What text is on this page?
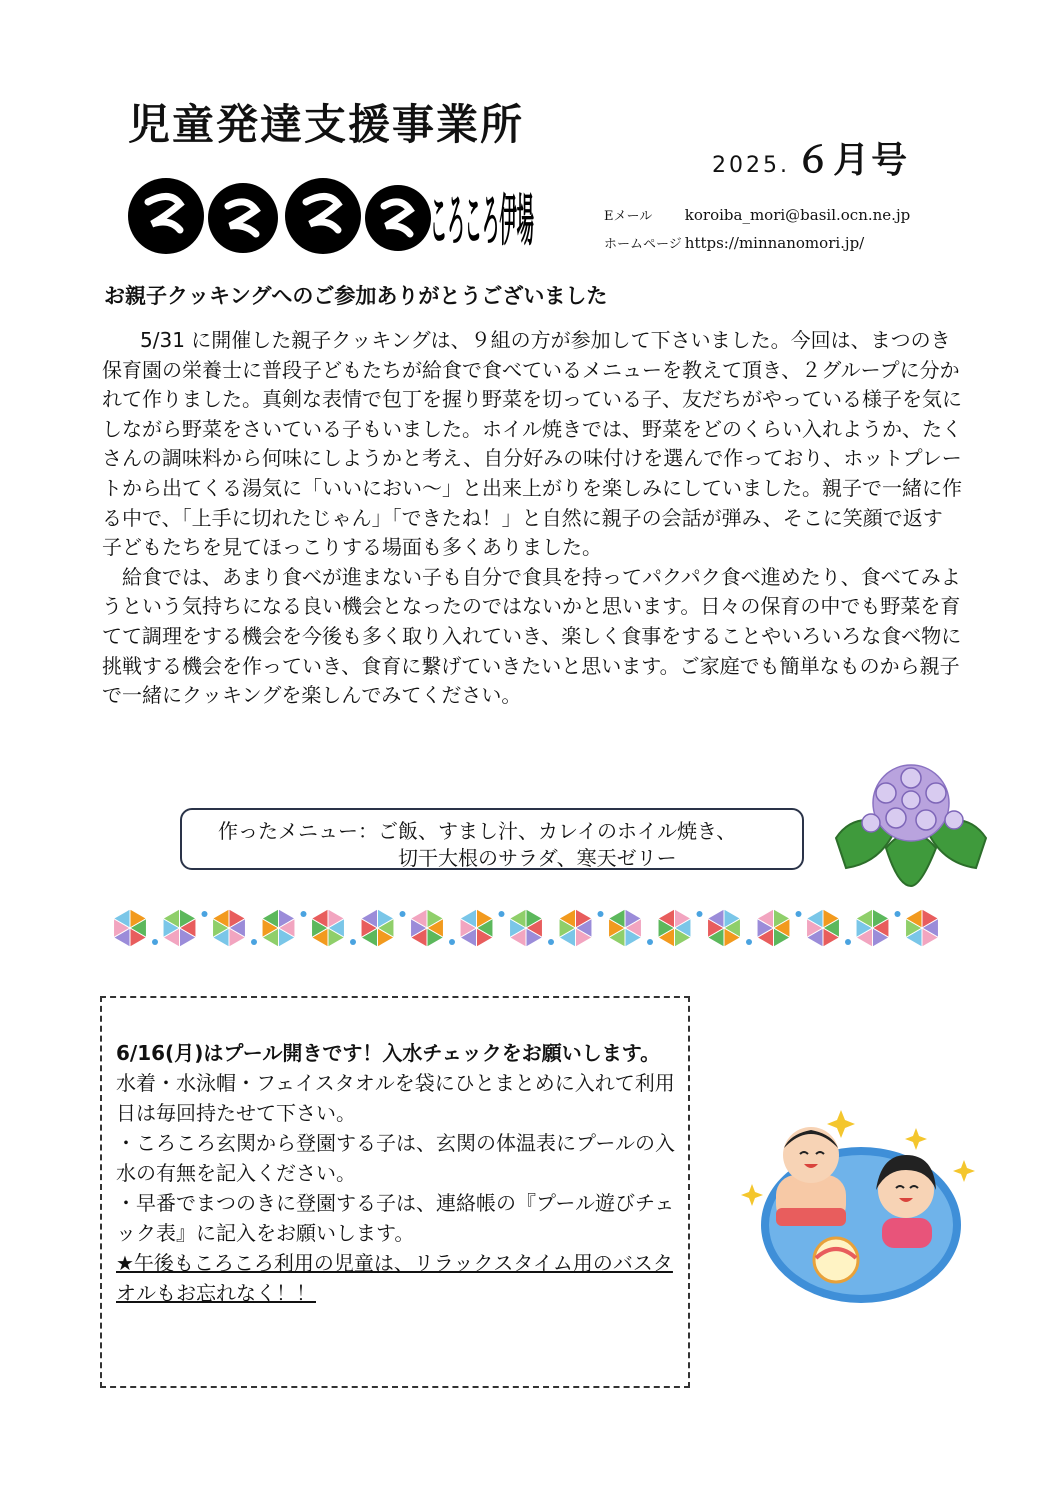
児童発達支援事業所
ころころ伊場
2025. ６月号
Eメール koroiba_mori@basil.ocn.ne.jp
ホームページ https://minnanomori.jp/
お親子クッキングへのご参加ありがとうございました

5/31 に開催した親子クッキングは、９組の方が参加して下さいました。今回は、まつのき保育園の栄養士に普段子どもたちが給食で食べているメニューを教えて頂き、２グループに分かれて作りました。真剣な表情で包丁を握り野菜を切っている子、友だちがやっている様子を気にしながら野菜をさいている子もいました。ホイル焼きでは、野菜をどのくらい入れようか、たくさんの調味料から何味にしようかと考え、自分好みの味付けを選んで作っており、ホットプレートから出てくる湯気に「いいにおい～」と出来上がりを楽しみにしていました。親子で一緒に作る中で、「上手に切れたじゃん」「できたね！」と自然に親子の会話が弾み、そこに笑顔で返す子どもたちを見てほっこりする場面も多くありました。

給食では、あまり食べが進まない子も自分で食具を持ってパクパク食べ進めたり、食べてみようという気持ちになる良い機会となったのではないかと思います。日々の保育の中でも野菜を育てて調理をする機会を今後も多く取り入れていき、楽しく食事をすることやいろいろな食べ物に挑戦する機会を作っていき、食育に繋げていきたいと思います。ご家庭でも簡単なものから親子で一緒にクッキングを楽しんでみてください。

作ったメニュー：ご飯、すまし汁、カレイのホイル焼き、
切干大根のサラダ、寒天ゼリー
6/16(月)はプール開きです！入水チェックをお願いします。
水着・水泳帽・フェイスタオルを袋にひとまとめに入れて利用日は毎回持たせて下さい。
・ころころ玄関から登園する子は、玄関の体温表にプールの入水の有無を記入ください。
・早番でまつのきに登園する子は、連絡帳の『プール遊びチェック表』に記入をお願いします。
★午後もころころ利用の児童は、リラックスタイム用のバスタオルもお忘れなく！！
